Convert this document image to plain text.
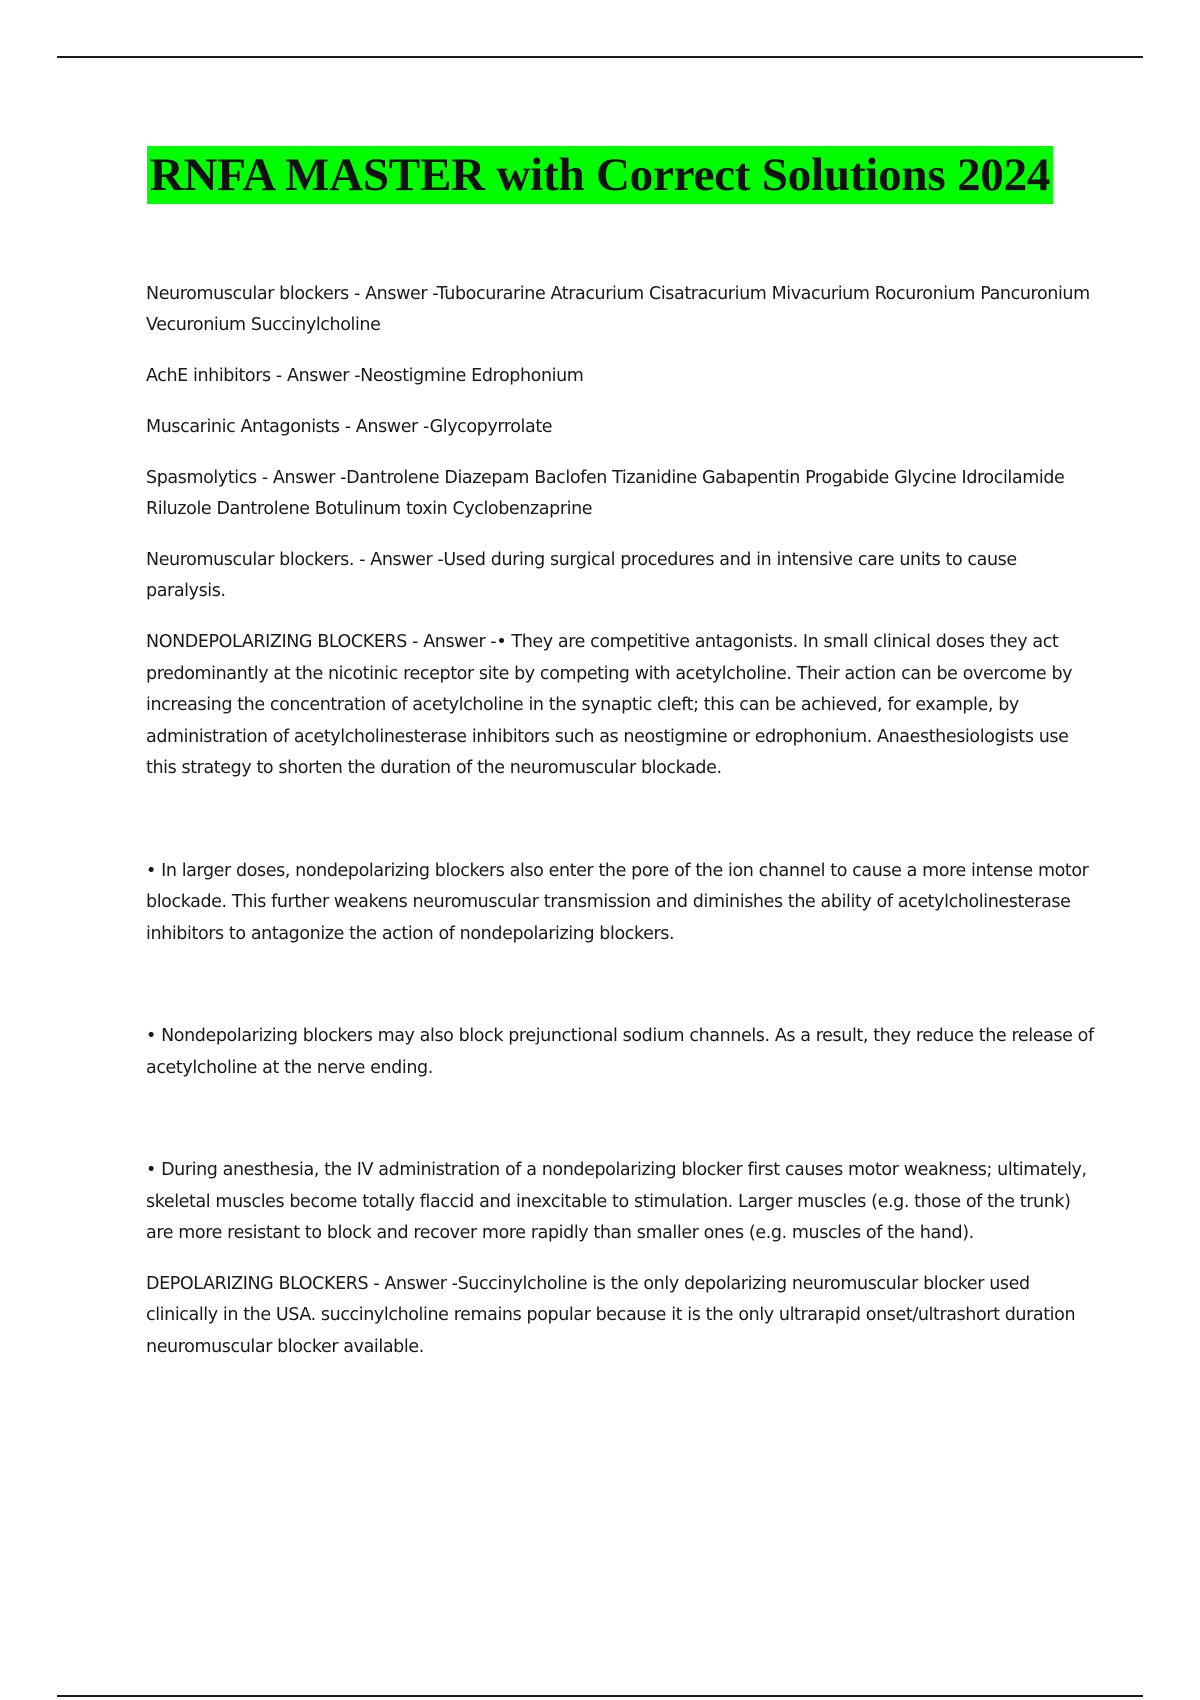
RNFA MASTER with Correct Solutions 2024

Neuromuscular blockers - Answer -Tubocurarine Atracurium Cisatracurium Mivacurium Rocuronium Pancuronium Vecuronium Succinylcholine

AchE inhibitors - Answer -Neostigmine Edrophonium

Muscarinic Antagonists - Answer -Glycopyrrolate

Spasmolytics - Answer -Dantrolene Diazepam Baclofen Tizanidine Gabapentin Progabide Glycine Idrocilamide Riluzole Dantrolene Botulinum toxin Cyclobenzaprine

Neuromuscular blockers. - Answer -Used during surgical procedures and in intensive care units to cause paralysis.

NONDEPOLARIZING BLOCKERS - Answer -• They are competitive antagonists. In small clinical doses they act predominantly at the nicotinic receptor site by competing with acetylcholine. Their action can be overcome by increasing the concentration of acetylcholine in the synaptic cleft; this can be achieved, for example, by administration of acetylcholinesterase inhibitors such as neostigmine or edrophonium. Anaesthesiologists use this strategy to shorten the duration of the neuromuscular blockade.

• In larger doses, nondepolarizing blockers also enter the pore of the ion channel to cause a more intense motor blockade. This further weakens neuromuscular transmission and diminishes the ability of acetylcholinesterase inhibitors to antagonize the action of nondepolarizing blockers.

• Nondepolarizing blockers may also block prejunctional sodium channels. As a result, they reduce the release of acetylcholine at the nerve ending.

• During anesthesia, the IV administration of a nondepolarizing blocker first causes motor weakness; ultimately, skeletal muscles become totally flaccid and inexcitable to stimulation. Larger muscles (e.g. those of the trunk) are more resistant to block and recover more rapidly than smaller ones (e.g. muscles of the hand).

DEPOLARIZING BLOCKERS - Answer -Succinylcholine is the only depolarizing neuromuscular blocker used clinically in the USA. succinylcholine remains popular because it is the only ultrarapid onset/ultrashort duration neuromuscular blocker available.
